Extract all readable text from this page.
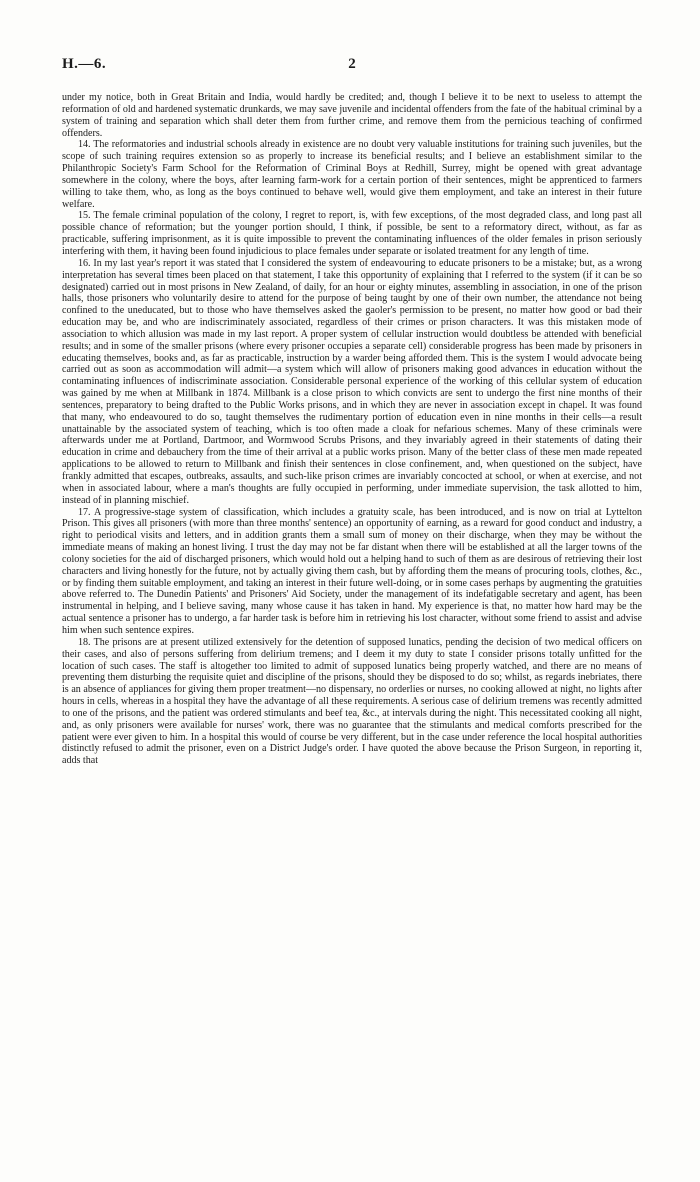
H.—6.	2

under my notice, both in Great Britain and India, would hardly be credited; and, though I believe it to be next to useless to attempt the reformation of old and hardened systematic drunkards, we may save juvenile and incidental offenders from the fate of the habitual criminal by a system of training and separation which shall deter them from further crime, and remove them from the pernicious teaching of confirmed offenders.

14. The reformatories and industrial schools already in existence are no doubt very valuable institutions for training such juveniles, but the scope of such training requires extension so as properly to increase its beneficial results; and I believe an establishment similar to the Philanthropic Society's Farm School for the Reformation of Criminal Boys at Redhill, Surrey, might be opened with great advantage somewhere in the colony, where the boys, after learning farm-work for a certain portion of their sentences, might be apprenticed to farmers willing to take them, who, as long as the boys continued to behave well, would give them employment, and take an interest in their future welfare.

15. The female criminal population of the colony, I regret to report, is, with few exceptions, of the most degraded class, and long past all possible chance of reformation; but the younger portion should, I think, if possible, be sent to a reformatory direct, without, as far as practicable, suffering imprisonment, as it is quite impossible to prevent the contaminating influences of the older females in prison seriously interfering with them, it having been found injudicious to place females under separate or isolated treatment for any length of time.

16. In my last year's report it was stated that I considered the system of endeavouring to educate prisoners to be a mistake; but, as a wrong interpretation has several times been placed on that statement, I take this opportunity of explaining that I referred to the system (if it can be so designated) carried out in most prisons in New Zealand, of daily, for an hour or eighty minutes, assembling in association, in one of the prison halls, those prisoners who voluntarily desire to attend for the purpose of being taught by one of their own number, the attendance not being confined to the uneducated, but to those who have themselves asked the gaoler's permission to be present, no matter how good or bad their education may be, and who are indiscriminately associated, regardless of their crimes or prison characters. It was this mistaken mode of association to which allusion was made in my last report. A proper system of cellular instruction would doubtless be attended with beneficial results; and in some of the smaller prisons (where every prisoner occupies a separate cell) considerable progress has been made by prisoners in educating themselves, books and, as far as practicable, instruction by a warder being afforded them. This is the system I would advocate being carried out as soon as accommodation will admit—a system which will allow of prisoners making good advances in education without the contaminating influences of indiscriminate association. Considerable personal experience of the working of this cellular system of education was gained by me when at Millbank in 1874. Millbank is a close prison to which convicts are sent to undergo the first nine months of their sentences, preparatory to being drafted to the Public Works prisons, and in which they are never in association except in chapel. It was found that many, who endeavoured to do so, taught themselves the rudimentary portion of education even in nine months in their cells—a result unattainable by the associated system of teaching, which is too often made a cloak for nefarious schemes. Many of these criminals were afterwards under me at Portland, Dartmoor, and Wormwood Scrubs Prisons, and they invariably agreed in their statements of dating their education in crime and debauchery from the time of their arrival at a public works prison. Many of the better class of these men made repeated applications to be allowed to return to Millbank and finish their sentences in close confinement, and, when questioned on the subject, have frankly admitted that escapes, outbreaks, assaults, and such-like prison crimes are invariably concocted at school, or when at exercise, and not when in associated labour, where a man's thoughts are fully occupied in performing, under immediate supervision, the task allotted to him, instead of in planning mischief.

17. A progressive-stage system of classification, which includes a gratuity scale, has been introduced, and is now on trial at Lyttelton Prison. This gives all prisoners (with more than three months' sentence) an opportunity of earning, as a reward for good conduct and industry, a right to periodical visits and letters, and in addition grants them a small sum of money on their discharge, when they may be without the immediate means of making an honest living. I trust the day may not be far distant when there will be established at all the larger towns of the colony societies for the aid of discharged prisoners, which would hold out a helping hand to such of them as are desirous of retrieving their lost characters and living honestly for the future, not by actually giving them cash, but by affording them the means of procuring tools, clothes, &c., or by finding them suitable employment, and taking an interest in their future well-doing, or in some cases perhaps by augmenting the gratuities above referred to. The Dunedin Patients' and Prisoners' Aid Society, under the management of its indefatigable secretary and agent, has been instrumental in helping, and I believe saving, many whose cause it has taken in hand. My experience is that, no matter how hard may be the actual sentence a prisoner has to undergo, a far harder task is before him in retrieving his lost character, without some friend to assist and advise him when such sentence expires.

18. The prisons are at present utilized extensively for the detention of supposed lunatics, pending the decision of two medical officers on their cases, and also of persons suffering from delirium tremens; and I deem it my duty to state I consider prisons totally unfitted for the location of such cases. The staff is altogether too limited to admit of supposed lunatics being properly watched, and there are no means of preventing them disturbing the requisite quiet and discipline of the prisons, should they be disposed to do so; whilst, as regards inebriates, there is an absence of appliances for giving them proper treatment—no dispensary, no orderlies or nurses, no cooking allowed at night, no lights after hours in cells, whereas in a hospital they have the advantage of all these requirements. A serious case of delirium tremens was recently admitted to one of the prisons, and the patient was ordered stimulants and beef tea, &c., at intervals during the night. This necessitated cooking all night, and, as only prisoners were available for nurses' work, there was no guarantee that the stimulants and medical comforts prescribed for the patient were ever given to him. In a hospital this would of course be very different, but in the case under reference the local hospital authorities distinctly refused to admit the prisoner, even on a District Judge's order. I have quoted the above because the Prison Surgeon, in reporting it, adds that
